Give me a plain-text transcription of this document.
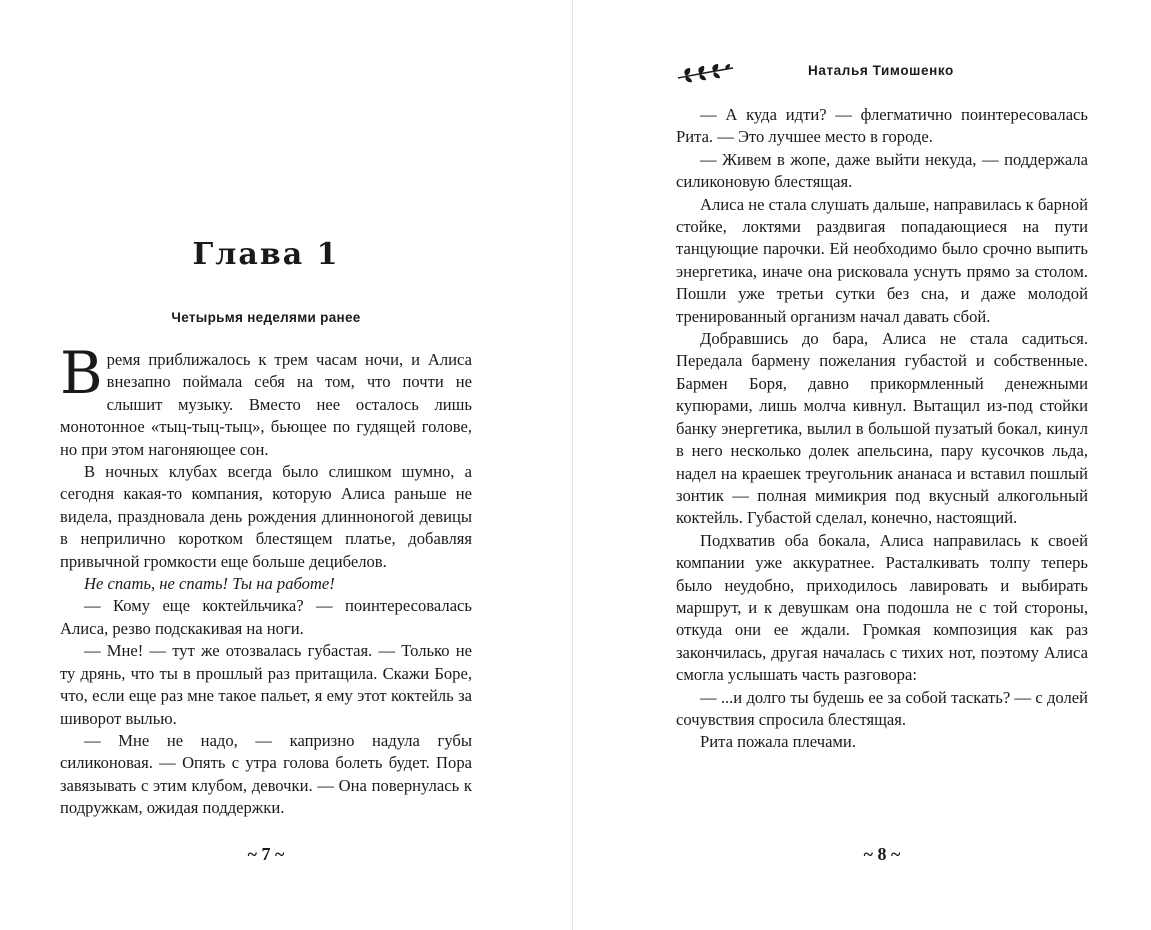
Глава 1
Четырьмя неделями ранее

Время приближалось к трем часам ночи, и Алиса внезапно поймала себя на том, что почти не слышит музыку. Вместо нее осталось лишь монотонное «тыц-тыц-тыц», бьющее по гудящей голове, но при этом нагоняющее сон.

В ночных клубах всегда было слишком шумно, а сегодня какая-то компания, которую Алиса раньше не видела, праздновала день рождения длинноногой девицы в неприлично коротком блестящем платье, добавляя привычной громкости еще больше децибелов.

Не спать, не спать! Ты на работе!

— Кому еще коктейльчика? — поинтересовалась Алиса, резво подскакивая на ноги.

— Мне! — тут же отозвалась губастая. — Только не ту дрянь, что ты в прошлый раз притащила. Скажи Боре, что, если еще раз мне такое пальет, я ему этот коктейль за шиворот вылью.

— Мне не надо, — капризно надула губы силиконовая. — Опять с утра голова болеть будет. Пора завязывать с этим клубом, девочки. — Она повернулась к подружкам, ожидая поддержки.

~ 7 ~
Наталья Тимошенко

— А куда идти? — флегматично поинтересовалась Рита. — Это лучшее место в городе.

— Живем в жопе, даже выйти некуда, — поддержала силиконовую блестящая.

Алиса не стала слушать дальше, направилась к барной стойке, локтями раздвигая попадающиеся на пути танцующие парочки. Ей необходимо было срочно выпить энергетика, иначе она рисковала уснуть прямо за столом. Пошли уже третьи сутки без сна, и даже молодой тренированный организм начал давать сбой.

Добравшись до бара, Алиса не стала садиться. Передала бармену пожелания губастой и собственные. Бармен Боря, давно прикормленный денежными купюрами, лишь молча кивнул. Вытащил из-под стойки банку энергетика, вылил в большой пузатый бокал, кинул в него несколько долек апельсина, пару кусочков льда, надел на краешек треугольник ананаса и вставил пошлый зонтик — полная мимикрия под вкусный алкогольный коктейль. Губастой сделал, конечно, настоящий.

Подхватив оба бокала, Алиса направилась к своей компании уже аккуратнее. Расталкивать толпу теперь было неудобно, приходилось лавировать и выбирать маршрут, и к девушкам она подошла не с той стороны, откуда они ее ждали. Громкая композиция как раз закончилась, другая началась с тихих нот, поэтому Алиса смогла услышать часть разговора:

— ...и долго ты будешь ее за собой таскать? — с долей сочувствия спросила блестящая.

Рита пожала плечами.

~ 8 ~
